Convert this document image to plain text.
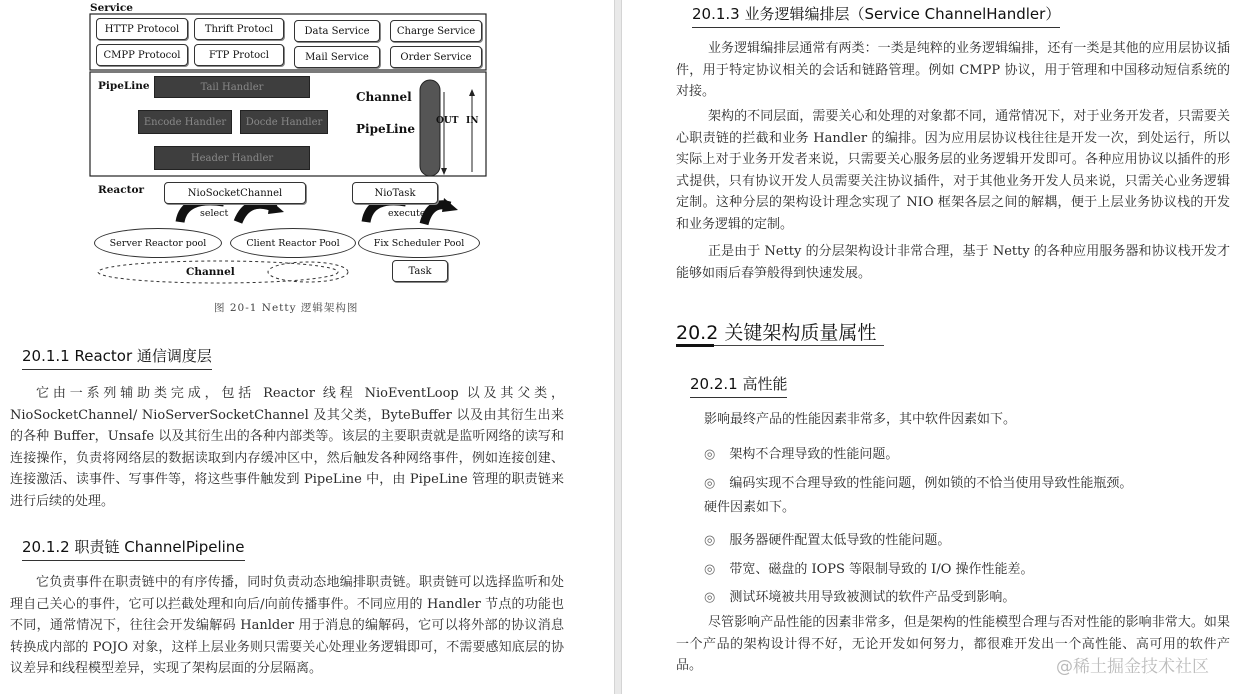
Service
HTTP Protocol	Thrift Protocl	Data Service	Charge Service
CMPP Protocol	FTP Protocl	Mail Service	Order Service
PipeLine	Tail Handler
Encode Handler	Docde Handler
Header Handler
Channel
PipeLine
OUT IN
Reactor	NioSocketChannel	NioTask
select	execute
Server Reactor pool	Client Reactor Pool	Fix Scheduler Pool
Channel	Task
图 20-1 Netty 逻辑架构图
20.1.1 Reactor 通信调度层
它由一系列辅助类完成，包括 Reactor 线程 NioEventLoop 以及其父类，NioSocketChannel/ NioServerSocketChannel 及其父类，ByteBuffer 以及由其衍生出来的各种 Buffer，Unsafe 以及其衍生出的各种内部类等。该层的主要职责就是监听网络的读写和连接操作，负责将网络层的数据读取到内存缓冲区中，然后触发各种网络事件，例如连接创建、连接激活、读事件、写事件等，将这些事件触发到 PipeLine 中，由 PipeLine 管理的职责链来进行后续的处理。
20.1.2 职责链 ChannelPipeline
它负责事件在职责链中的有序传播，同时负责动态地编排职责链。职责链可以选择监听和处理自己关心的事件，它可以拦截处理和向后/向前传播事件。不同应用的 Handler 节点的功能也不同，通常情况下，往往会开发编解码 Hanlder 用于消息的编解码，它可以将外部的协议消息转换成内部的 POJO 对象，这样上层业务则只需要关心处理业务逻辑即可，不需要感知底层的协议差异和线程模型差异，实现了架构层面的分层隔离。
20.1.3 业务逻辑编排层（Service ChannelHandler）
业务逻辑编排层通常有两类：一类是纯粹的业务逻辑编排，还有一类是其他的应用层协议插件，用于特定协议相关的会话和链路管理。例如 CMPP 协议，用于管理和中国移动短信系统的对接。
架构的不同层面，需要关心和处理的对象都不同，通常情况下，对于业务开发者，只需要关心职责链的拦截和业务 Handler 的编排。因为应用层协议栈往往是开发一次，到处运行，所以实际上对于业务开发者来说，只需要关心服务层的业务逻辑开发即可。各种应用协议以插件的形式提供，只有协议开发人员需要关注协议插件，对于其他业务开发人员来说，只需关心业务逻辑定制。这种分层的架构设计理念实现了 NIO 框架各层之间的解耦，便于上层业务协议栈的开发和业务逻辑的定制。
正是由于 Netty 的分层架构设计非常合理，基于 Netty 的各种应用服务器和协议栈开发才能够如雨后春笋般得到快速发展。
20.2 关键架构质量属性
20.2.1 高性能
影响最终产品的性能因素非常多，其中软件因素如下。
◎ 架构不合理导致的性能问题。
◎ 编码实现不合理导致的性能问题，例如锁的不恰当使用导致性能瓶颈。
硬件因素如下。
◎ 服务器硬件配置太低导致的性能问题。
◎ 带宽、磁盘的 IOPS 等限制导致的 I/O 操作性能差。
◎ 测试环境被共用导致被测试的软件产品受到影响。
尽管影响产品性能的因素非常多，但是架构的性能模型合理与否对性能的影响非常大。如果一个产品的架构设计得不好，无论开发如何努力，都很难开发出一个高性能、高可用的软件产品。	@稀土掘金技术社区
